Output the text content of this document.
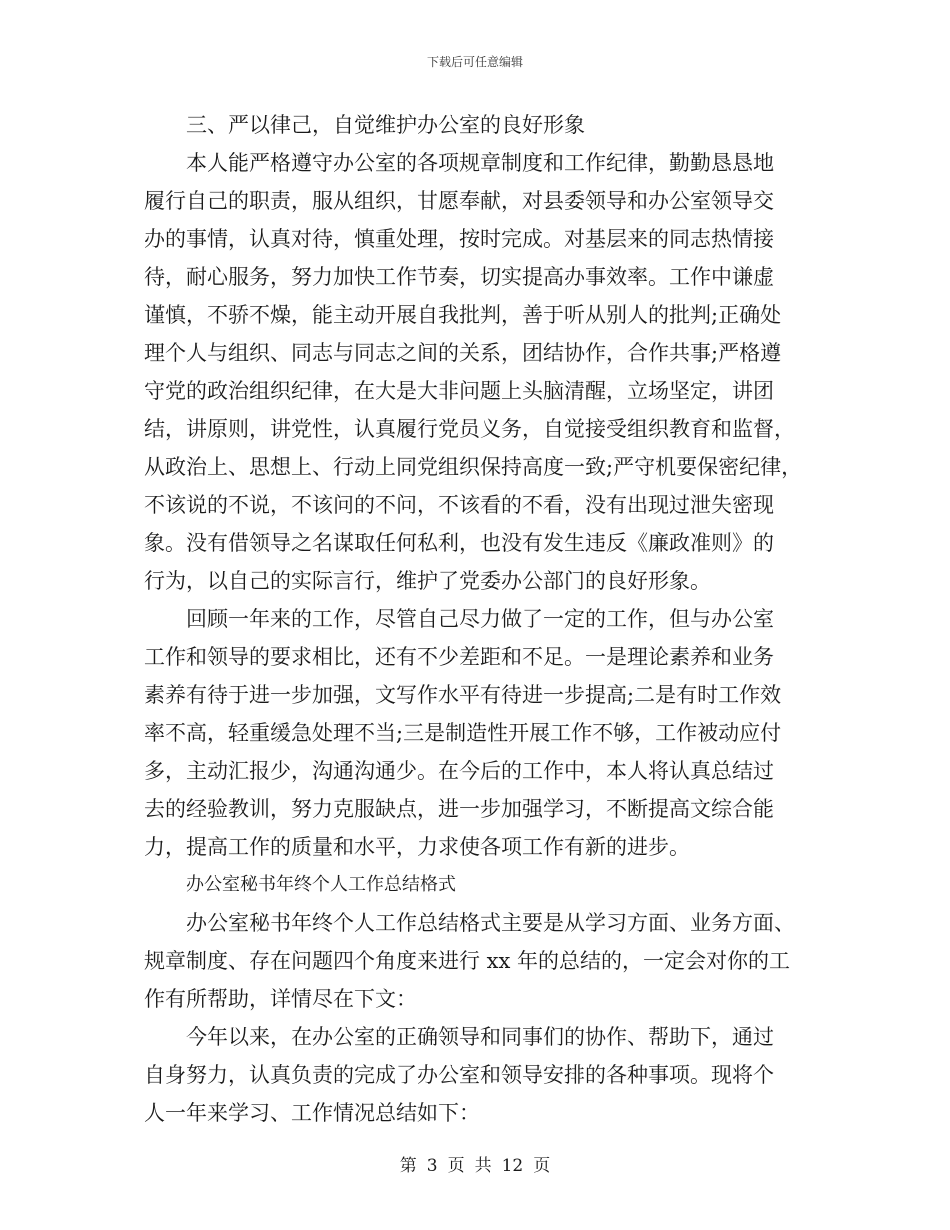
下载后可任意编辑
三、严以律己，自觉维护办公室的良好形象
本人能严格遵守办公室的各项规章制度和工作纪律，勤勤恳恳地
履行自己的职责，服从组织，甘愿奉献，对县委领导和办公室领导交
办的事情，认真对待，慎重处理，按时完成。对基层来的同志热情接
待，耐心服务，努力加快工作节奏，切实提高办事效率。工作中谦虚
谨慎，不骄不燥，能主动开展自我批判，善于听从别人的批判;正确处
理个人与组织、同志与同志之间的关系，团结协作，合作共事;严格遵
守党的政治组织纪律，在大是大非问题上头脑清醒，立场坚定，讲团
结，讲原则，讲党性，认真履行党员义务，自觉接受组织教育和监督，
从政治上、思想上、行动上同党组织保持高度一致;严守机要保密纪律，
不该说的不说，不该问的不问，不该看的不看，没有出现过泄失密现
象。没有借领导之名谋取任何私利，也没有发生违反《廉政准则》的
行为，以自己的实际言行，维护了党委办公部门的良好形象。
回顾一年来的工作，尽管自己尽力做了一定的工作，但与办公室
工作和领导的要求相比，还有不少差距和不足。一是理论素养和业务
素养有待于进一步加强，文写作水平有待进一步提高;二是有时工作效
率不高，轻重缓急处理不当;三是制造性开展工作不够，工作被动应付
多，主动汇报少，沟通沟通少。在今后的工作中，本人将认真总结过
去的经验教训，努力克服缺点，进一步加强学习，不断提高文综合能
力，提高工作的质量和水平，力求使各项工作有新的进步。
办公室秘书年终个人工作总结格式
办公室秘书年终个人工作总结格式主要是从学习方面、业务方面、
规章制度、存在问题四个角度来进行 xx 年的总结的，一定会对你的工
作有所帮助，详情尽在下文：
今年以来，在办公室的正确领导和同事们的协作、帮助下，通过
自身努力，认真负责的完成了办公室和领导安排的各种事项。现将个
人一年来学习、工作情况总结如下：
第 3 页 共 12 页
